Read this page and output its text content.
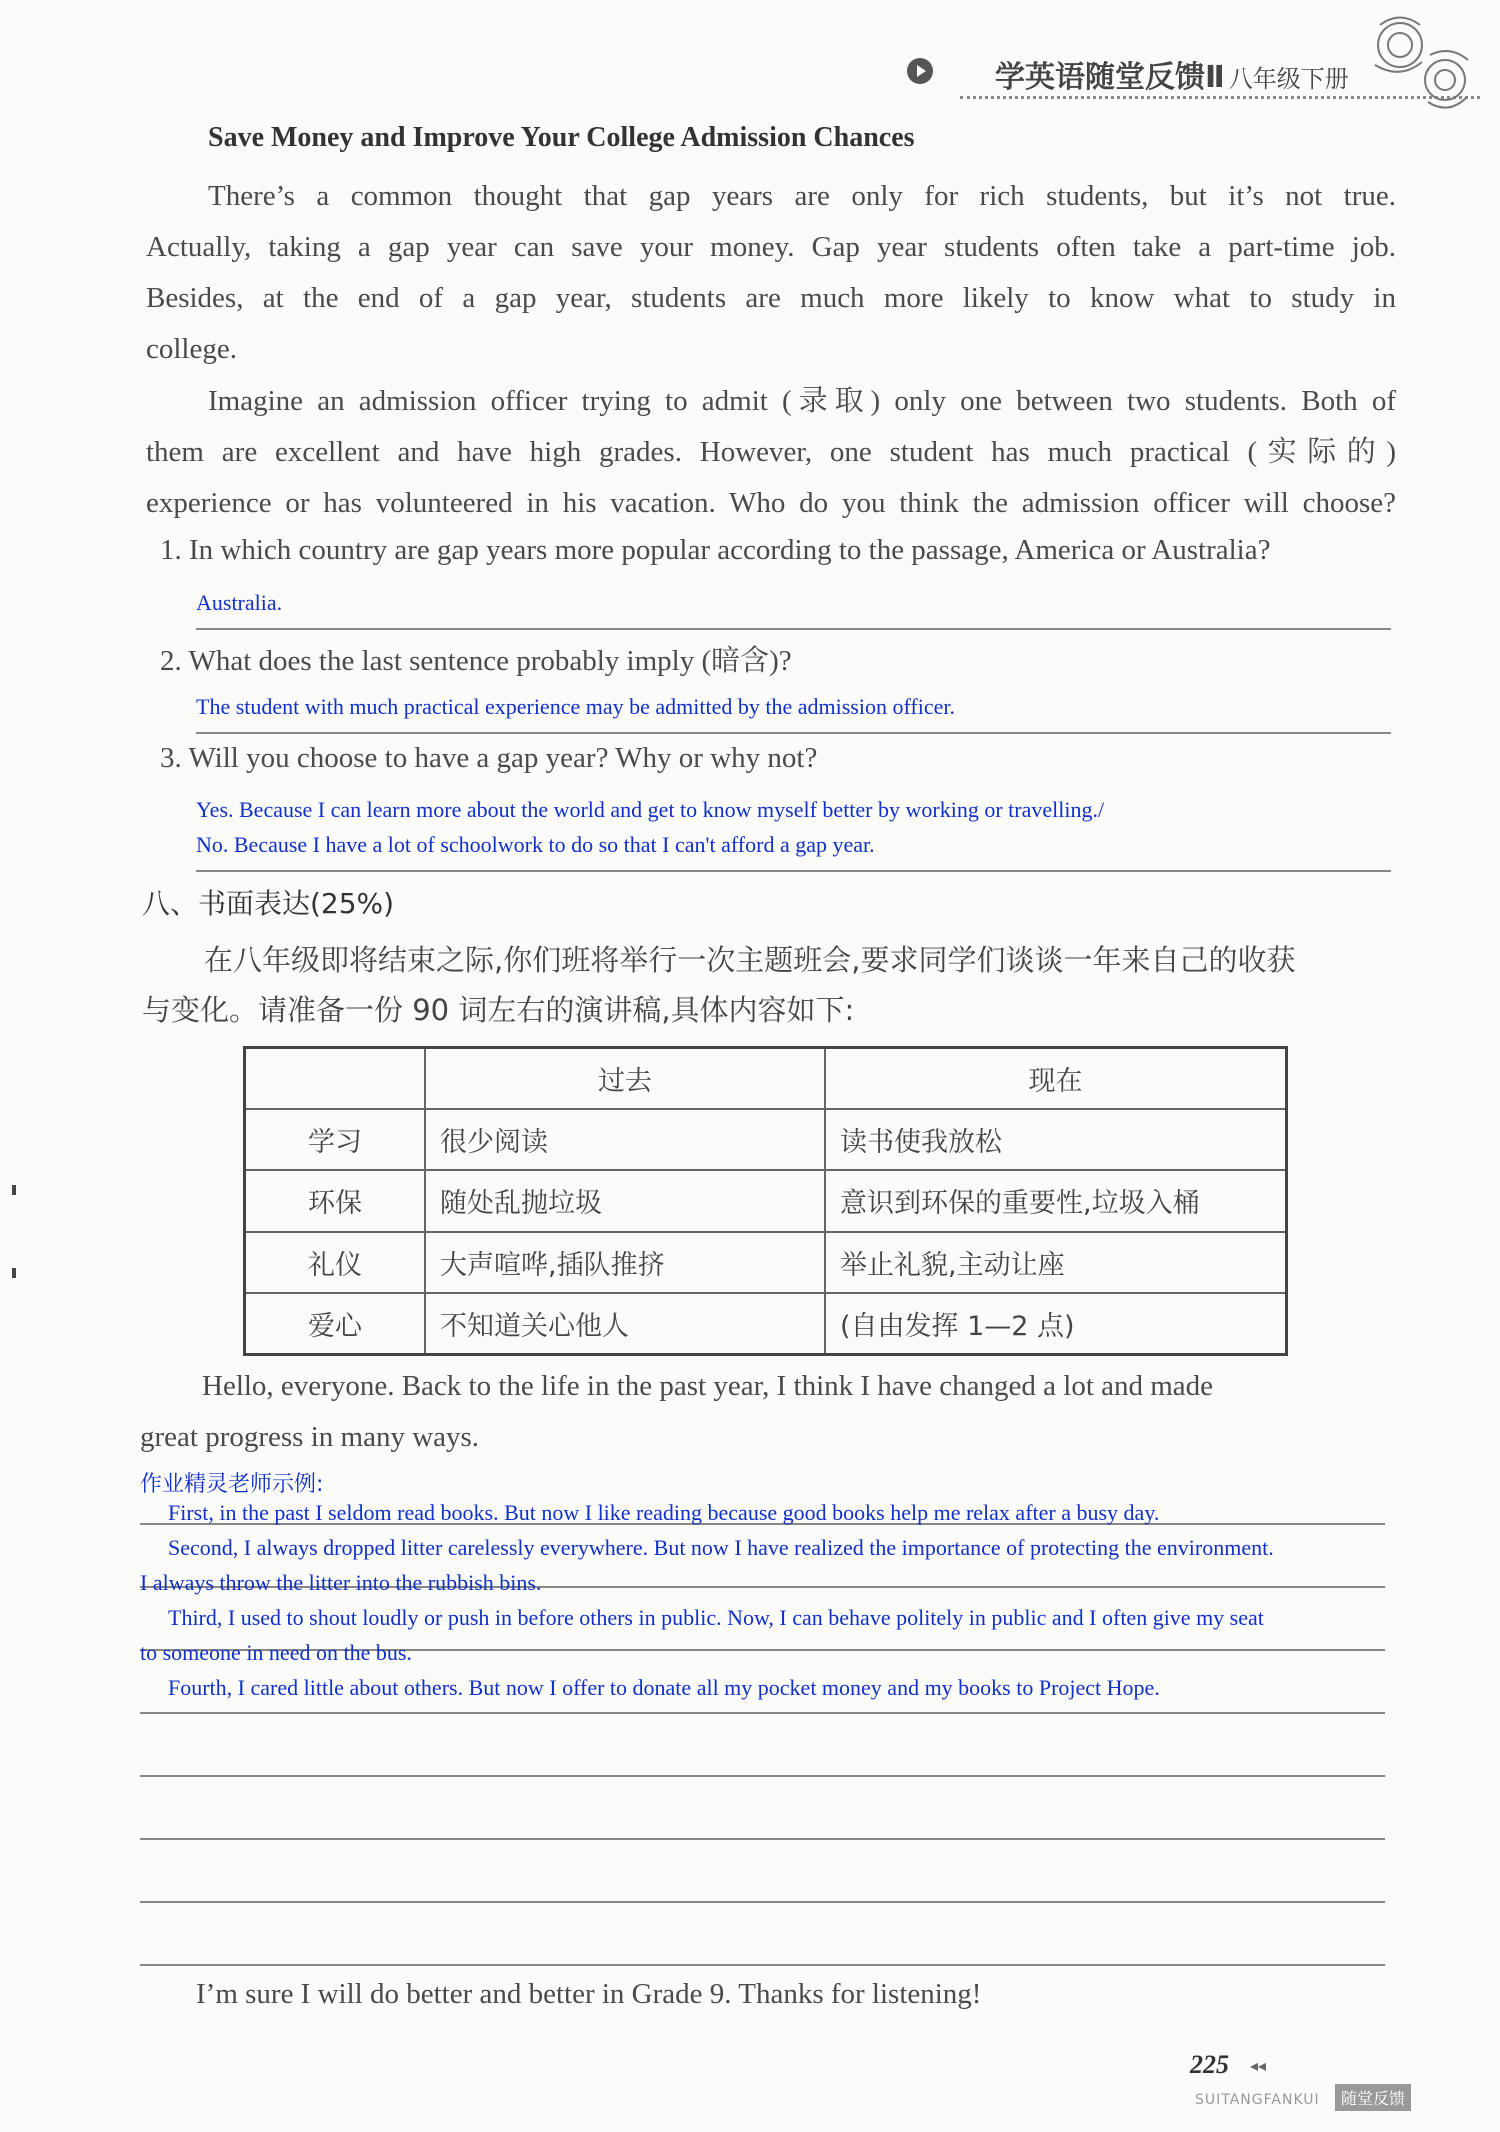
学英语随堂反馈Ⅱ 八年级下册
Save Money and Improve Your College Admission Chances
There’s a common thought that gap years are only for rich students, but it’s not true.
Actually, taking a gap year can save your money. Gap year students often take a part-time job.
Besides, at the end of a gap year, students are much more likely to know what to study in
college.
Imagine an admission officer trying to admit (录取) only one between two students. Both of
them are excellent and have high grades. However, one student has much practical (实际的)
experience or has volunteered in his vacation. Who do you think the admission officer will choose?
1. In which country are gap years more popular according to the passage, America or Australia?
Australia.
2. What does the last sentence probably imply (暗含)?
The student with much practical experience may be admitted by the admission officer.
3. Will you choose to have a gap year? Why or why not?
Yes. Because I can learn more about the world and get to know myself better by working or travelling./
No. Because I have a lot of schoolwork to do so that I can't afford a gap year.
八、书面表达(25%)
在八年级即将结束之际,你们班将举行一次主题班会,要求同学们谈谈一年来自己的收获
与变化。请准备一份 90 词左右的演讲稿,具体内容如下:
	过去	现在
学习	很少阅读	读书使我放松
环保	随处乱抛垃圾	意识到环保的重要性,垃圾入桶
礼仪	大声喧哗,插队推挤	举止礼貌,主动让座
爱心	不知道关心他人	(自由发挥 1—2 点)
Hello, everyone. Back to the life in the past year, I think I have changed a lot and made
great progress in many ways.
作业精灵老师示例:
First, in the past I seldom read books. But now I like reading because good books help me relax after a busy day.
Second, I always dropped litter carelessly everywhere. But now I have realized the importance of protecting the environment.
I always throw the litter into the rubbish bins.
Third, I used to shout loudly or push in before others in public. Now, I can behave politely in public and I often give my seat
to someone in need on the bus.
Fourth, I cared little about others. But now I offer to donate all my pocket money and my books to Project Hope.
I’m sure I will do better and better in Grade 9. Thanks for listening!
225 ◂◂
SUITANGFANKUI	随堂反馈
